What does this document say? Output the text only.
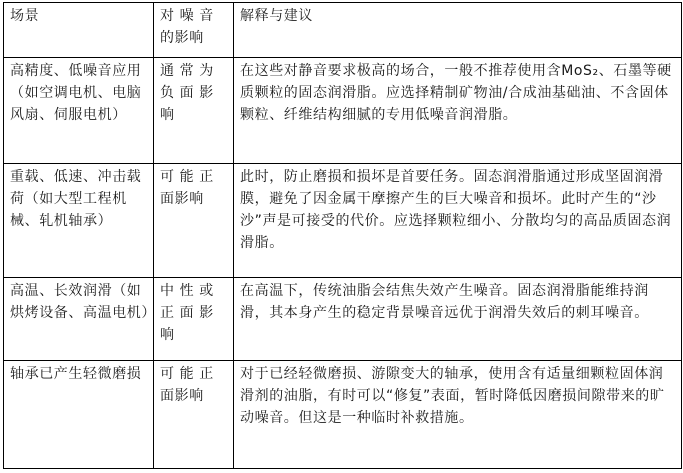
场景	对 噪 音 的影响	解释与建议
高精度、低噪音应用（如空调电机、电脑风扇、伺服电机）	通 常 为 负 面 影 响	在这些对静音要求极高的场合，一般不推荐使用含MoS₂、石墨等硬质颗粒的固态润滑脂。应选择精制矿物油/合成油基础油、不含固体颗粒、纤维结构细腻的专用低噪音润滑脂。
重载、低速、冲击载荷（如大型工程机械、轧机轴承）	可 能 正 面影响	此时，防止磨损和损坏是首要任务。固态润滑脂通过形成坚固润滑膜，避免了因金属干摩擦产生的巨大噪音和损坏。此时产生的“沙沙”声是可接受的代价。应选择颗粒细小、分散均匀的高品质固态润滑脂。
高温、长效润滑（如烘烤设备、高温电机）	中 性 或 正 面 影 响	在高温下，传统油脂会结焦失效产生噪音。固态润滑脂能维持润滑，其本身产生的稳定背景噪音远优于润滑失效后的刺耳噪音。
轴承已产生轻微磨损	可 能 正 面影响	对于已经轻微磨损、游隙变大的轴承，使用含有适量细颗粒固体润滑剂的油脂，有时可以“修复”表面，暂时降低因磨损间隙带来的旷动噪音。但这是一种临时补救措施。
